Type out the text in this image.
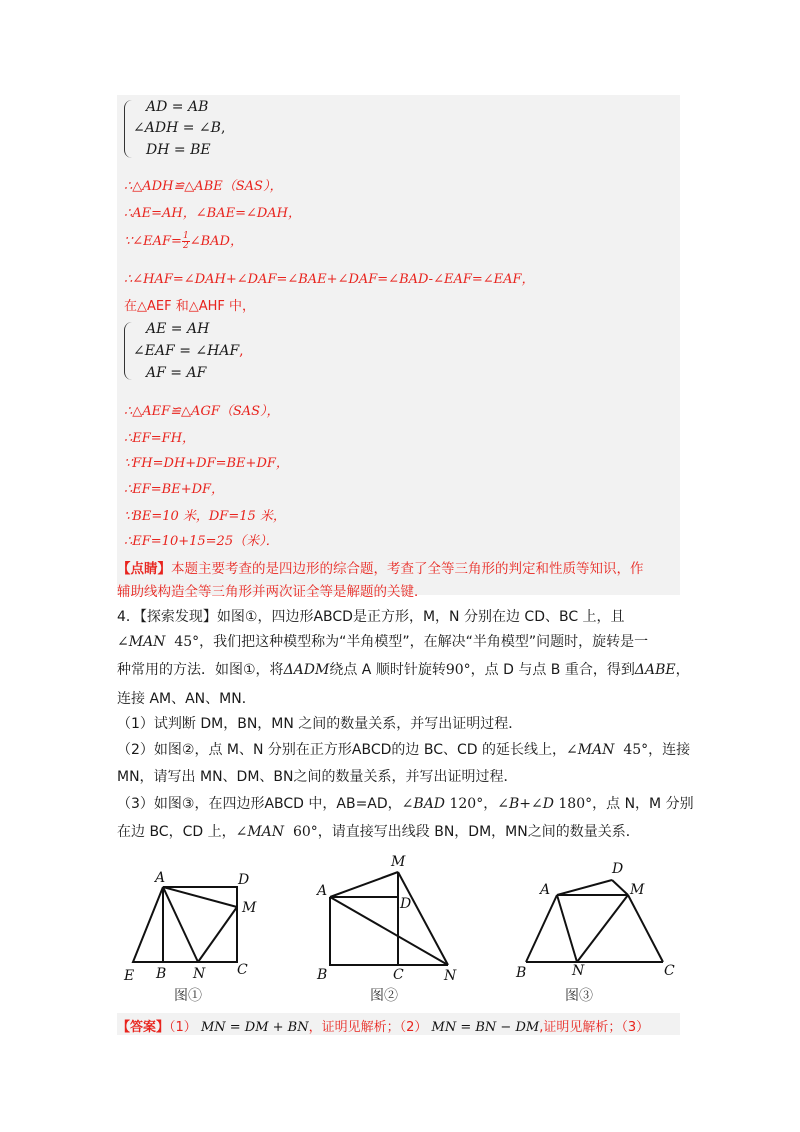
AD = AB
∠ADH = ∠B,
DH = BE
∴△ADH≌△ABE（SAS），
∴AE=AH，∠BAE=∠DAH，
∵∠EAF= $\frac{1}{2}$ ∠BAD，
∴∠HAF=∠DAH+∠DAF=∠BAE+∠DAF=∠BAD-∠EAF=∠EAF，
在△AEF 和△AHF 中，
AE = AH
∠EAF = ∠HAF,
AF = AF
∴△AEF≌△AGF（SAS），
∴EF=FH，
∵FH=DH+DF=BE+DF，
∴EF=BE+DF，
∵BE=10 米，DF=15 米，
∴EF=10+15=25（米）．
【点睛】本题主要考查的是四边形的综合题，考查了全等三角形的判定和性质等知识，作
辅助线构造全等三角形并两次证全等是解题的关键．
4．【探索发现】如图①，四边形ABCD是正方形，M，N 分别在边 CD、BC 上，且
∠MAN 45°，我们把这种模型称为“半角模型”，在解决“半角模型”问题时，旋转是一
种常用的方法．如图①，将ΔADM绕点 A 顺时针旋转90°，点 D 与点 B 重合，得到ΔABE，
连接 AM、AN、MN．
（1）试判断 DM，BN，MN 之间的数量关系，并写出证明过程．
（2）如图②，点 M、N 分别在正方形ABCD的边 BC、CD 的延长线上，∠MAN 45°，连接
MN，请写出 MN、DM、BN之间的数量关系，并写出证明过程．
（3）如图③，在四边形ABCD 中，AB=AD，∠BAD 120°，∠B+∠D 180°，点 N，M 分别
在边 BC，CD 上，∠MAN 60°，请直接写出线段 BN，DM，MN之间的数量关系．
A	D
M
E B N C
图①
M
A
D
B	C	N
图②
D
A	M
B	N	C
图③
【答案】（1） MN = DM + BN，证明见解析；（2） MN = BN − DM,证明见解析；（3）
